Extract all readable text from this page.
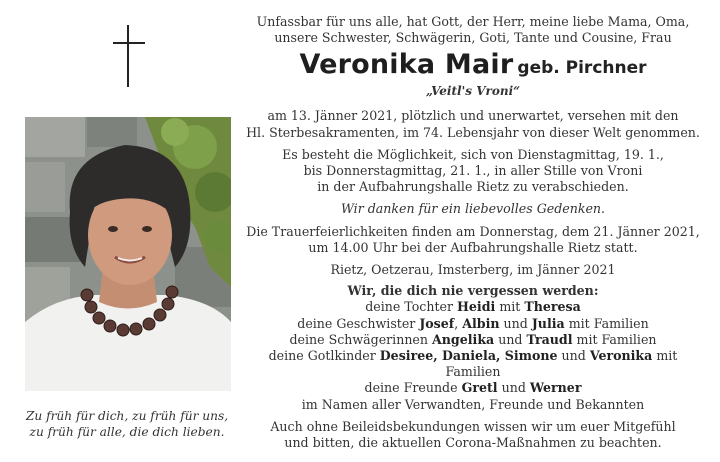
Zu früh für dich, zu früh für uns,
zu früh für alle, die dich lieben.

Unfassbar für uns alle, hat Gott, der Herr, meine liebe Mama, Oma,

unsere Schwester, Schwägerin, Goti, Tante und Cousine, Frau

Veronika Mair geb. Pirchner

„Veitl's Vroni“

am 13. Jänner 2021, plötzlich und unerwartet, versehen mit den

Hl. Sterbesakramenten, im 74. Lebensjahr von dieser Welt genommen.

Es besteht die Möglichkeit, sich von Dienstagmittag, 19. 1.,

bis Donnerstagmittag, 21. 1., in aller Stille von Vroni

in der Aufbahrungshalle Rietz zu verabschieden.

Wir danken für ein liebevolles Gedenken.

Die Trauerfeierlichkeiten finden am Donnerstag, dem 21. Jänner 2021,

um 14.00 Uhr bei der Aufbahrungshalle Rietz statt.

Rietz, Oetzerau, Imsterberg, im Jänner 2021

Wir, die dich nie vergessen werden:

deine Tochter Heidi mit Theresa

deine Geschwister Josef, Albin und Julia mit Familien

deine Schwägerinnen Angelika und Traudl mit Familien

deine Gotlkinder Desiree, Daniela, Simone und Veronika mit Familien

deine Freunde Gretl und Werner

im Namen aller Verwandten, Freunde und Bekannten

Auch ohne Beileidsbekundungen wissen wir um euer Mitgefühl

und bitten, die aktuellen Corona-Maßnahmen zu beachten.
